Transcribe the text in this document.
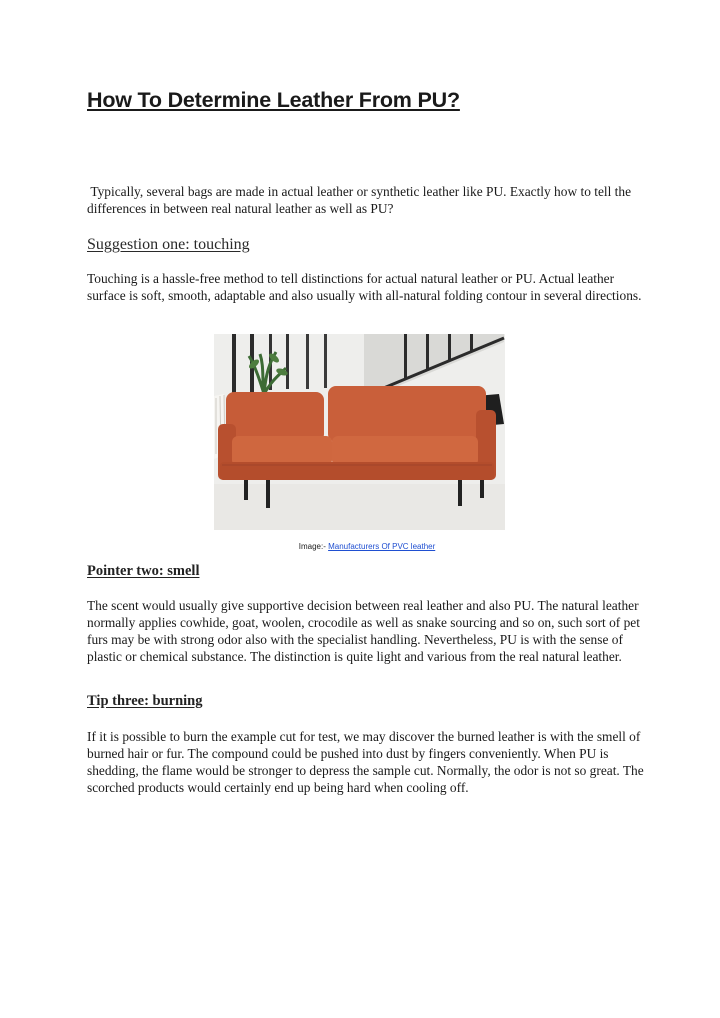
How To Determine Leather From PU?

Typically, several bags are made in actual leather or synthetic leather like PU. Exactly how to tell the differences in between real natural leather as well as PU?

Suggestion one: touching

Touching is a hassle-free method to tell distinctions for actual natural leather or PU. Actual leather surface is soft, smooth, adaptable and also usually with all-natural folding contour in several directions.

Image:- Manufacturers Of PVC leather

Pointer two: smell

The scent would usually give supportive decision between real leather and also PU. The natural leather normally applies cowhide, goat, woolen, crocodile as well as snake sourcing and so on, such sort of pet furs may be with strong odor also with the specialist handling. Nevertheless, PU is with the sense of plastic or chemical substance. The distinction is quite light and various from the real natural leather.

Tip three: burning

If it is possible to burn the example cut for test, we may discover the burned leather is with the smell of burned hair or fur. The compound could be pushed into dust by fingers conveniently. When PU is shedding, the flame would be stronger to depress the sample cut. Normally, the odor is not so great. The scorched products would certainly end up being hard when cooling off.
